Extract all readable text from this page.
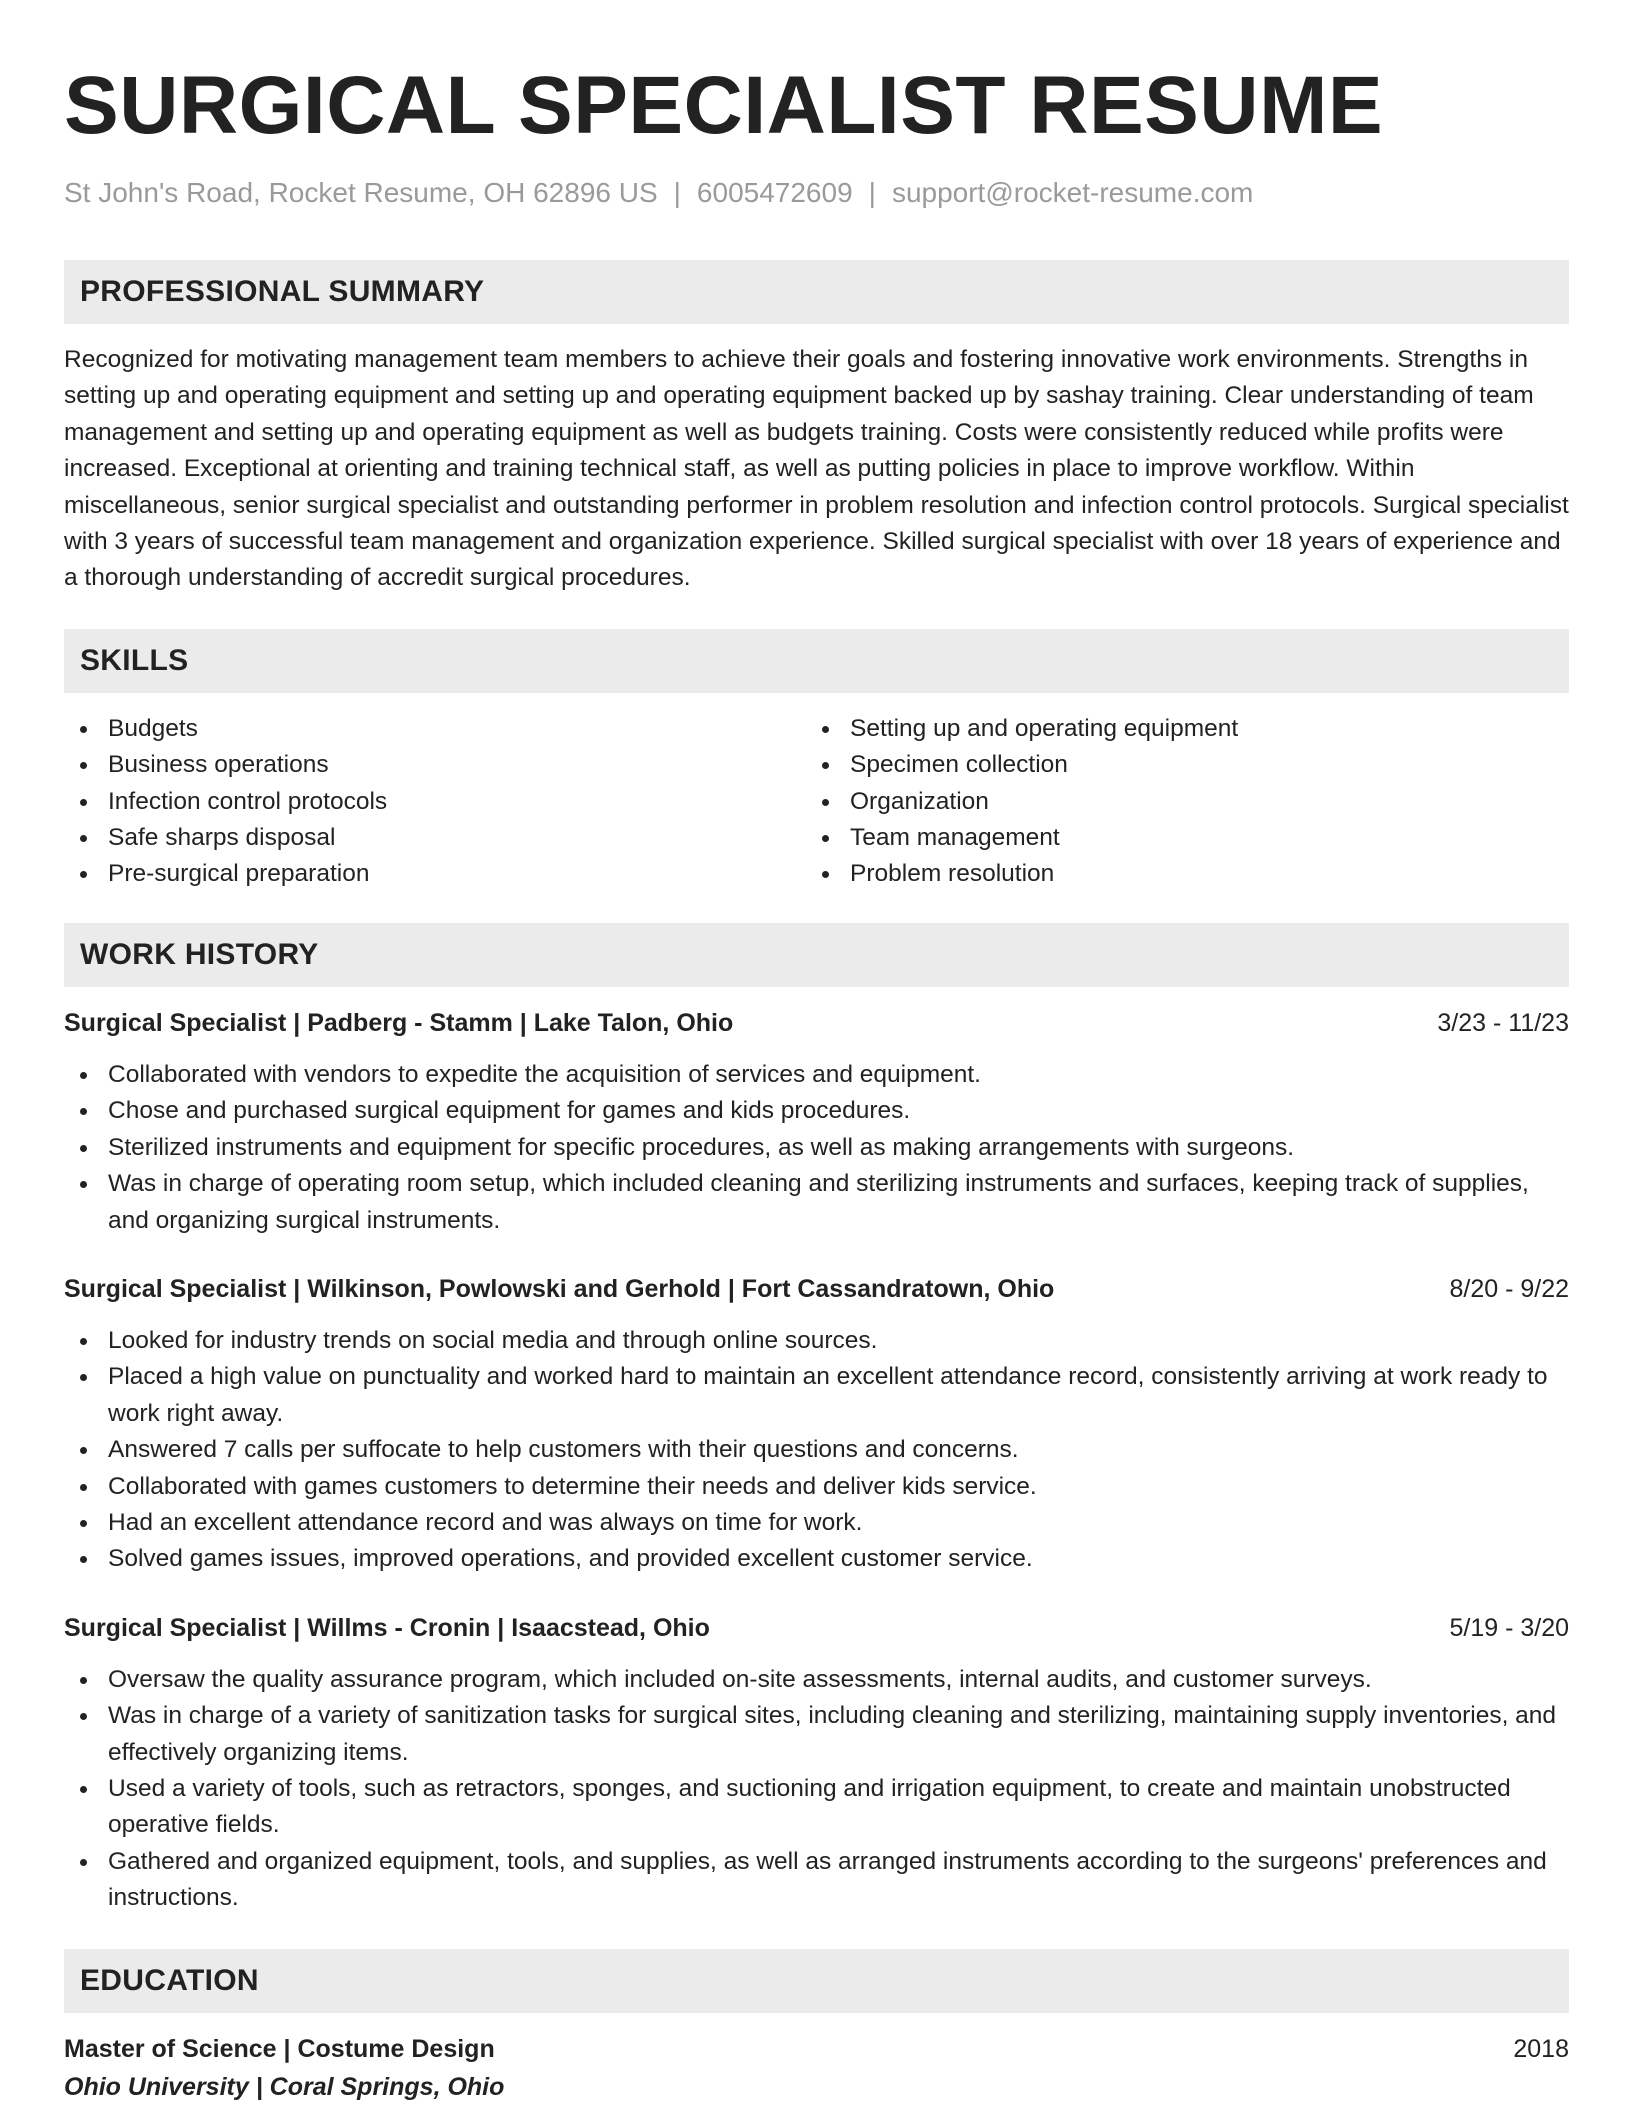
SURGICAL SPECIALIST RESUME
St John's Road, Rocket Resume, OH 62896 US | 6005472609 | support@rocket-resume.com
PROFESSIONAL SUMMARY

Recognized for motivating management team members to achieve their goals and fostering innovative work environments. Strengths in setting up and operating equipment and setting up and operating equipment backed up by sashay training. Clear understanding of team management and setting up and operating equipment as well as budgets training. Costs were consistently reduced while profits were increased. Exceptional at orienting and training technical staff, as well as putting policies in place to improve workflow. Within miscellaneous, senior surgical specialist and outstanding performer in problem resolution and infection control protocols. Surgical specialist with 3 years of successful team management and organization experience. Skilled surgical specialist with over 18 years of experience and a thorough understanding of accredit surgical procedures.

SKILLS
Budgets
Business operations
Infection control protocols
Safe sharps disposal
Pre-surgical preparation
Setting up and operating equipment
Specimen collection
Organization
Team management
Problem resolution
WORK HISTORY
Surgical Specialist | Padberg - Stamm | Lake Talon, Ohio	3/23 - 11/23
Collaborated with vendors to expedite the acquisition of services and equipment.
Chose and purchased surgical equipment for games and kids procedures.
Sterilized instruments and equipment for specific procedures, as well as making arrangements with surgeons.
Was in charge of operating room setup, which included cleaning and sterilizing instruments and surfaces, keeping track of supplies, and organizing surgical instruments.
Surgical Specialist | Wilkinson, Powlowski and Gerhold | Fort Cassandratown, Ohio	8/20 - 9/22
Looked for industry trends on social media and through online sources.
Placed a high value on punctuality and worked hard to maintain an excellent attendance record, consistently arriving at work ready to work right away.
Answered 7 calls per suffocate to help customers with their questions and concerns.
Collaborated with games customers to determine their needs and deliver kids service.
Had an excellent attendance record and was always on time for work.
Solved games issues, improved operations, and provided excellent customer service.
Surgical Specialist | Willms - Cronin | Isaacstead, Ohio	5/19 - 3/20
Oversaw the quality assurance program, which included on-site assessments, internal audits, and customer surveys.
Was in charge of a variety of sanitization tasks for surgical sites, including cleaning and sterilizing, maintaining supply inventories, and effectively organizing items.
Used a variety of tools, such as retractors, sponges, and suctioning and irrigation equipment, to create and maintain unobstructed operative fields.
Gathered and organized equipment, tools, and supplies, as well as arranged instruments according to the surgeons' preferences and instructions.
EDUCATION
Master of Science | Costume Design	2018
Ohio University | Coral Springs, Ohio
